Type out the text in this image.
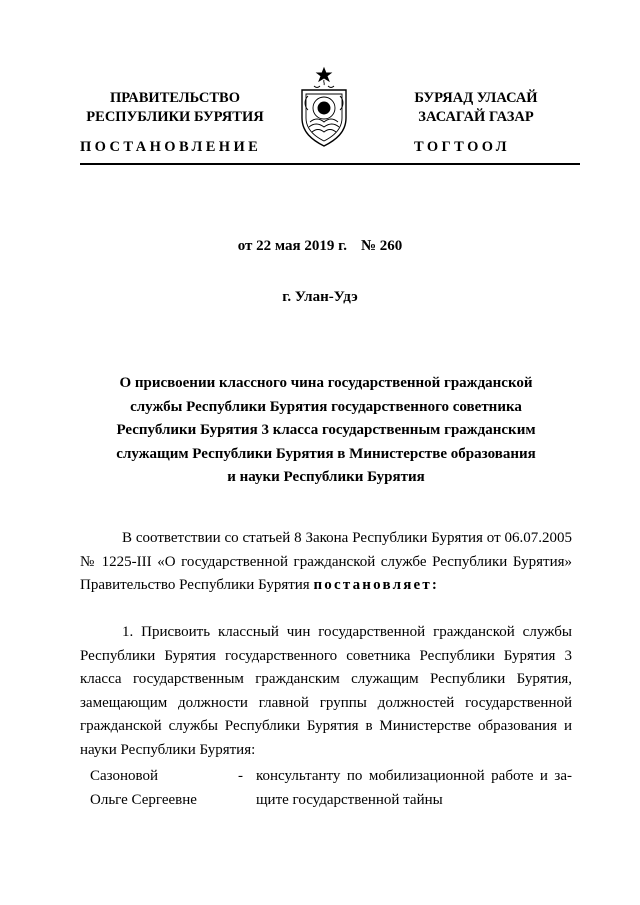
ПРАВИТЕЛЬСТВО
РЕСПУБЛИКИ БУРЯТИЯ
БУРЯАД УЛАСАЙ
ЗАСАГАЙ ГАЗАР
ПОСТАНОВЛЕНИЕ	ТОГТООЛ
от 22 мая 2019 г. № 260
г. Улан-Удэ
О присвоении классного чина государственной гражданской
службы Республики Бурятия государственного советника
Республики Бурятия 3 класса государственным гражданским
служащим Республики Бурятия в Министерстве образования
и науки Республики Бурятия
В соответствии со статьей 8 Закона Республики Бурятия от 06.07.2005 № 1225-III «О государственной гражданской службе Республики Бурятия» Правительство Республики Бурятия постановляет:
1. Присвоить классный чин государственной гражданской службы Республики Бурятия государственного советника Республики Бурятия 3 класса государственным гражданским служащим Республики Бурятия, замещающим должности главной группы должностей государственной гражданской службы Республики Бурятия в Министерстве образования и науки Республики Бурятия:
Сазоновой
Ольге Сергеевне
- консультанту по мобилизационной работе и защите государственной тайны
